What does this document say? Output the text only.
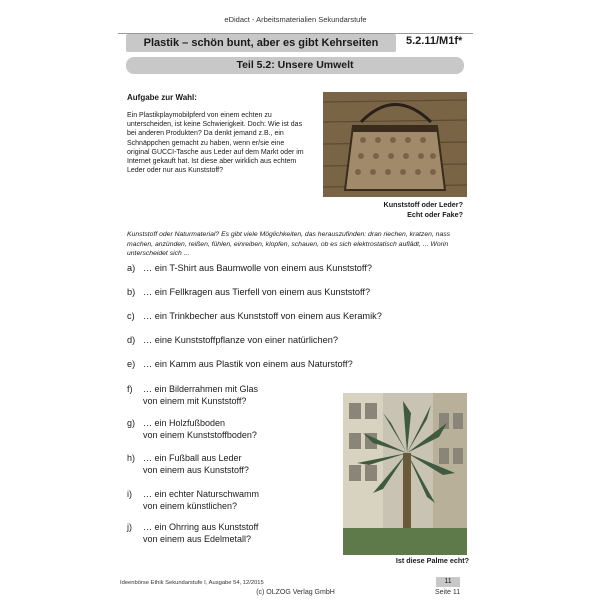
eDidact - Arbeitsmaterialien Sekundarstufe
Plastik – schön bunt, aber es gibt Kehrseiten	5.2.11/M1f*
Teil 5.2: Unsere Umwelt
Aufgabe zur Wahl:
Ein Plastikplaymobilpferd von einem echten zu unterscheiden, ist keine Schwierigkeit. Doch: Wie ist das bei anderen Produkten? Da denkt jemand z.B., ein Schnäppchen gemacht zu haben, wenn er/sie eine original GUCCI-Tasche aus Leder auf dem Markt oder im Internet gekauft hat. Ist diese aber wirklich aus echtem Leder oder nur aus Kunststoff?
Kunststoff oder Leder?
Echt oder Fake?
Kunststoff oder Naturmaterial? Es gibt viele Möglichkeiten, das herauszufinden: dran riechen, kratzen, nass machen, anzünden, reißen, fühlen, einreiben, klopfen, schauen, ob es sich elektrostatisch auflädt, ... Worin unterscheidet sich ...
a) … ein T-Shirt aus Baumwolle von einem aus Kunststoff?
b) … ein Fellkragen aus Tierfell von einem aus Kunststoff?
c) … ein Trinkbecher aus Kunststoff von einem aus Keramik?
d) … eine Kunststoffpflanze von einer natürlichen?
e) … ein Kamm aus Plastik von einem aus Naturstoff?
f) … ein Bilderrahmen mit Glas
von einem mit Kunststoff?
g) … ein Holzfußboden
von einem Kunststoffboden?
h) … ein Fußball aus Leder
von einem aus Kunststoff?
i) … ein echter Naturschwamm
von einem künstlichen?
j) … ein Ohrring aus Kunststoff
von einem aus Edelmetall?
Ist diese Palme echt?
Ideenbörse Ethik Sekundarstufe I, Ausgabe 54, 12/2015	11
(c) OLZOG Verlag GmbH	Seite 11
